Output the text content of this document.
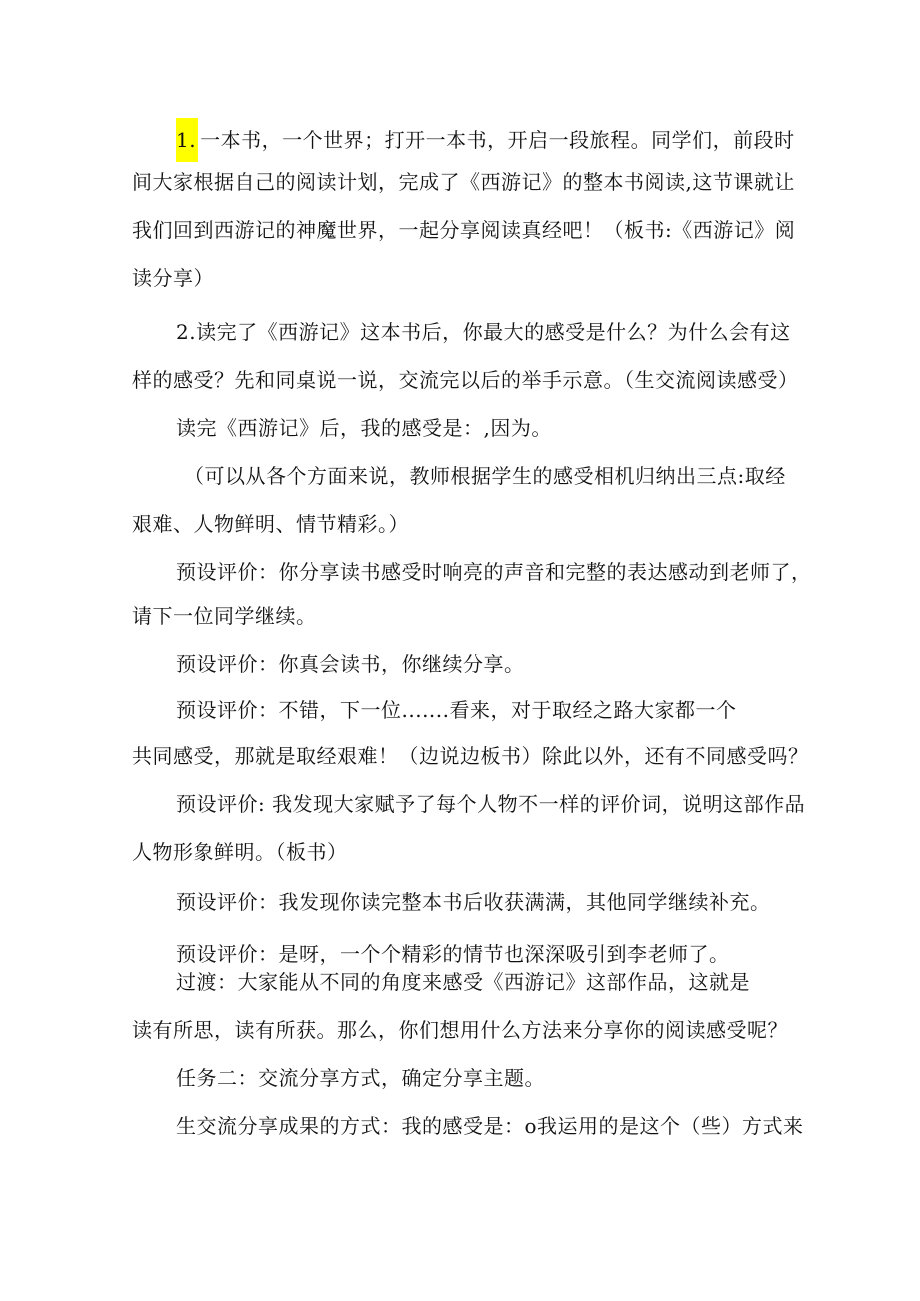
1. 一本书，一个世界；打开一本书，开启一段旅程。同学们，前段时
间大家根据自己的阅读计划，完成了《西游记》的整本书阅读,这节课就让
我们回到西游记的神魔世界，一起分享阅读真经吧！（板书:《西游记》阅
读分享）
2.读完了《西游记》这本书后，你最大的感受是什么？为什么会有这
样的感受？先和同桌说一说，交流完以后的举手示意。（生交流阅读感受）
读完《西游记》后，我的感受是：,因为。
（可以从各个方面来说，教师根据学生的感受相机归纳出三点:取经
艰难、人物鲜明、情节精彩。）
预设评价：你分享读书感受时响亮的声音和完整的表达感动到老师了，
请下一位同学继续。
预设评价：你真会读书，你继续分享。
预设评价：不错，下一位.......看来，对于取经之路大家都一个
共同感受，那就是取经艰难！（边说边板书）除此以外，还有不同感受吗？
预设评价: 我发现大家赋予了每个人物不一样的评价词，说明这部作品
人物形象鲜明。（板书）
预设评价：我发现你读完整本书后收获满满，其他同学继续补充。
预设评价：是呀，一个个精彩的情节也深深吸引到李老师了。
过渡：大家能从不同的角度来感受《西游记》这部作品，这就是
读有所思，读有所获。那么，你们想用什么方法来分享你的阅读感受呢？
任务二：交流分享方式，确定分享主题。
生交流分享成果的方式：我的感受是：o我运用的是这个（些）方式来
